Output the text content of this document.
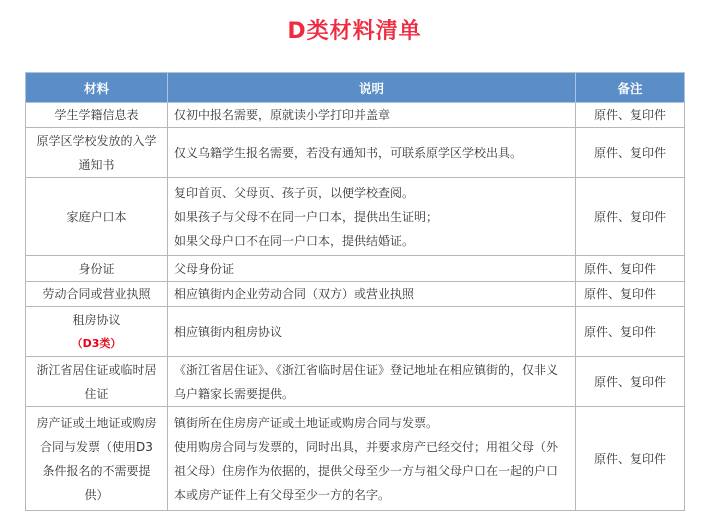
D类材料清单
材料	说明	备注
学生学籍信息表	仅初中报名需要，原就读小学打印并盖章	原件、复印件
原学区学校发放的入学通知书	仅义乌籍学生报名需要，若没有通知书，可联系原学区学校出具。	原件、复印件
家庭户口本	复印首页、父母页、孩子页，以便学校查阅。
如果孩子与父母不在同一户口本，提供出生证明；
如果父母户口不在同一户口本，提供结婚证。	原件、复印件
身份证	父母身份证	原件、复印件
劳动合同或营业执照	相应镇街内企业劳动合同（双方）或营业执照	原件、复印件

租房协议
（D3类）	相应镇街内租房协议	原件、复印件
浙江省居住证或临时居住证	《浙江省居住证》、《浙江省临时居住证》登记地址在相应镇街的，仅非义乌户籍家长需要提供。	原件、复印件
房产证或土地证或购房合同与发票（使用D3条件报名的不需要提供）	镇街所在住房房产证或土地证或购房合同与发票。
使用购房合同与发票的，同时出具，并要求房产已经交付；用祖父母（外祖父母）住房作为依据的，提供父母至少一方与祖父母户口在一起的户口本或房产证件上有父母至少一方的名字。	原件、复印件
